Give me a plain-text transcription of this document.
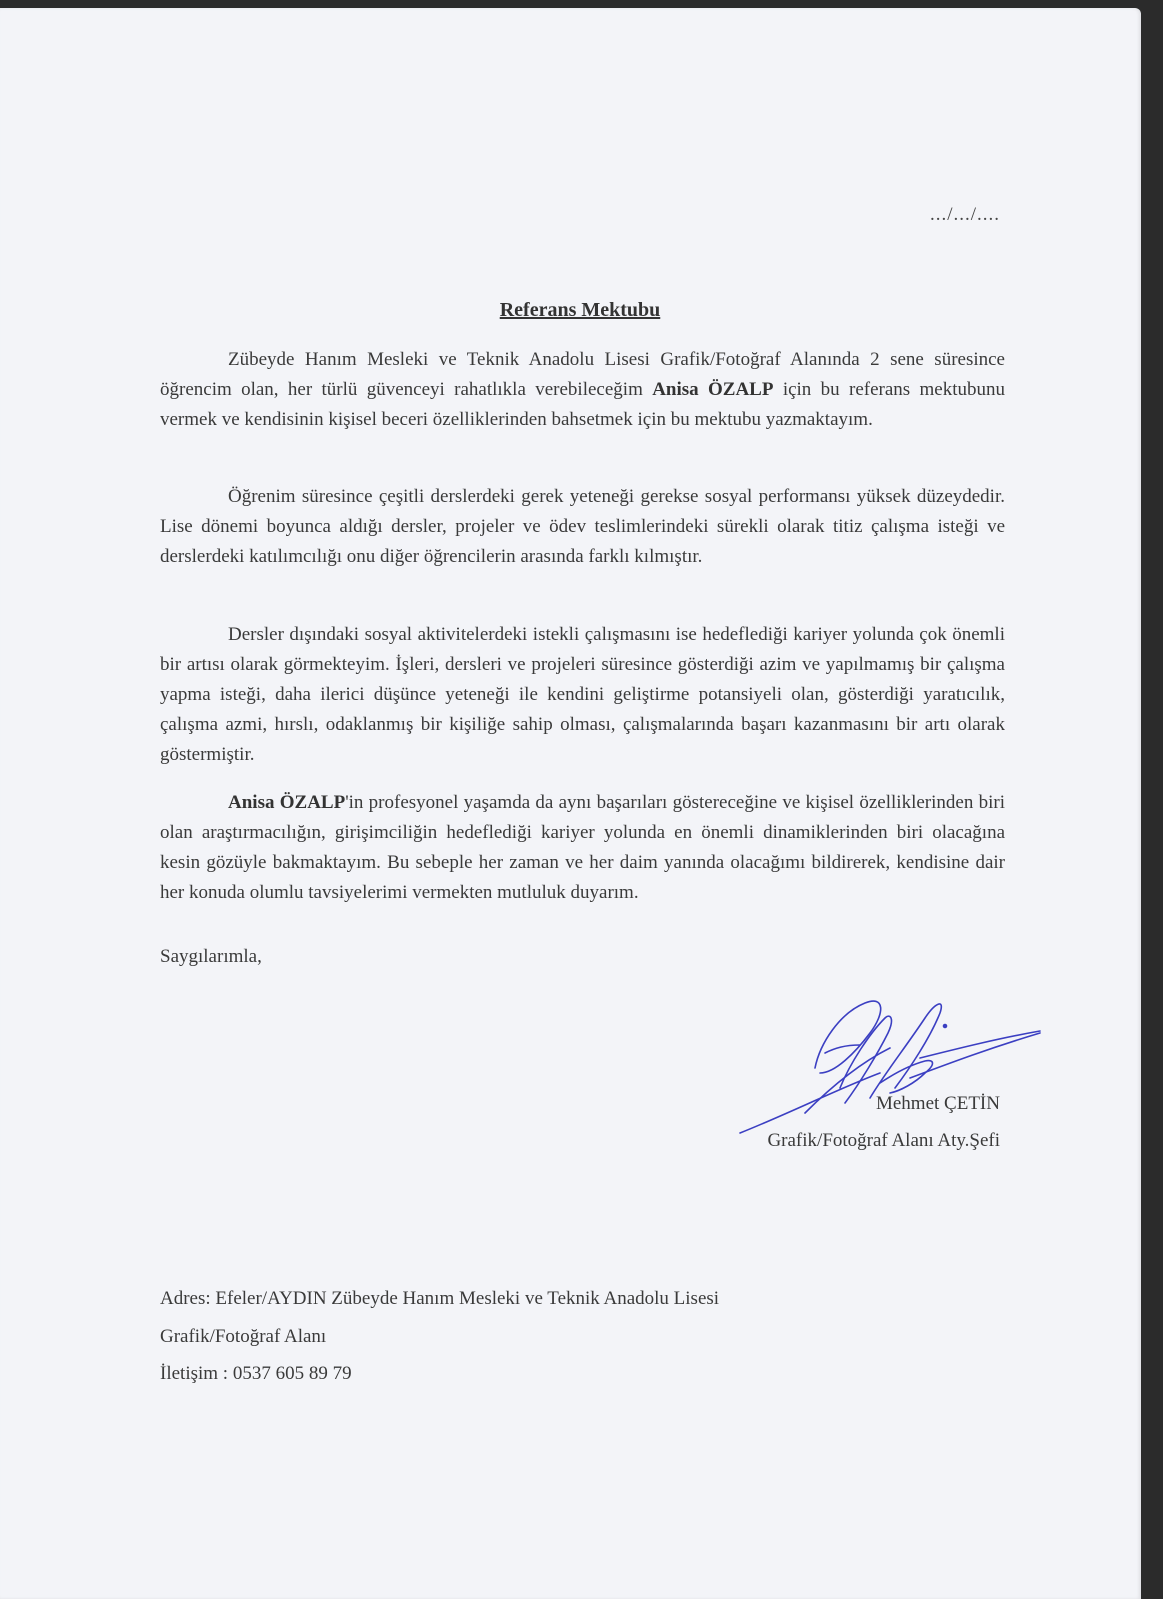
.../.../....
Referans Mektubu

Zübeyde Hanım Mesleki ve Teknik Anadolu Lisesi Grafik/Fotoğraf Alanında 2 sene süresince öğrencim olan, her türlü güvenceyi rahatlıkla verebileceğim Anisa ÖZALP için bu referans mektubunu vermek ve kendisinin kişisel beceri özelliklerinden bahsetmek için bu mektubu yazmaktayım.

Öğrenim süresince çeşitli derslerdeki gerek yeteneği gerekse sosyal performansı yüksek düzeydedir. Lise dönemi boyunca aldığı dersler, projeler ve ödev teslimlerindeki sürekli olarak titiz çalışma isteği ve derslerdeki katılımcılığı onu diğer öğrencilerin arasında farklı kılmıştır.

Dersler dışındaki sosyal aktivitelerdeki istekli çalışmasını ise hedeflediği kariyer yolunda çok önemli bir artısı olarak görmekteyim. İşleri, dersleri ve projeleri süresince gösterdiği azim ve yapılmamış bir çalışma yapma isteği, daha ilerici düşünce yeteneği ile kendini geliştirme potansiyeli olan, gösterdiği yaratıcılık, çalışma azmi, hırslı, odaklanmış bir kişiliğe sahip olması, çalışmalarında başarı kazanmasını bir artı olarak göstermiştir.

Anisa ÖZALP'in profesyonel yaşamda da aynı başarıları göstereceğine ve kişisel özelliklerinden biri olan araştırmacılığın, girişimciliğin hedeflediği kariyer yolunda en önemli dinamiklerinden biri olacağına kesin gözüyle bakmaktayım. Bu sebeple her zaman ve her daim yanında olacağımı bildirerek, kendisine dair her konuda olumlu tavsiyelerimi vermekten mutluluk duyarım.

Saygılarımla,
Mehmet ÇETİN
Grafik/Fotoğraf Alanı Aty.Şefi
Adres: Efeler/AYDIN Zübeyde Hanım Mesleki ve Teknik Anadolu Lisesi
Grafik/Fotoğraf Alanı
İletişim : 0537 605 89 79
